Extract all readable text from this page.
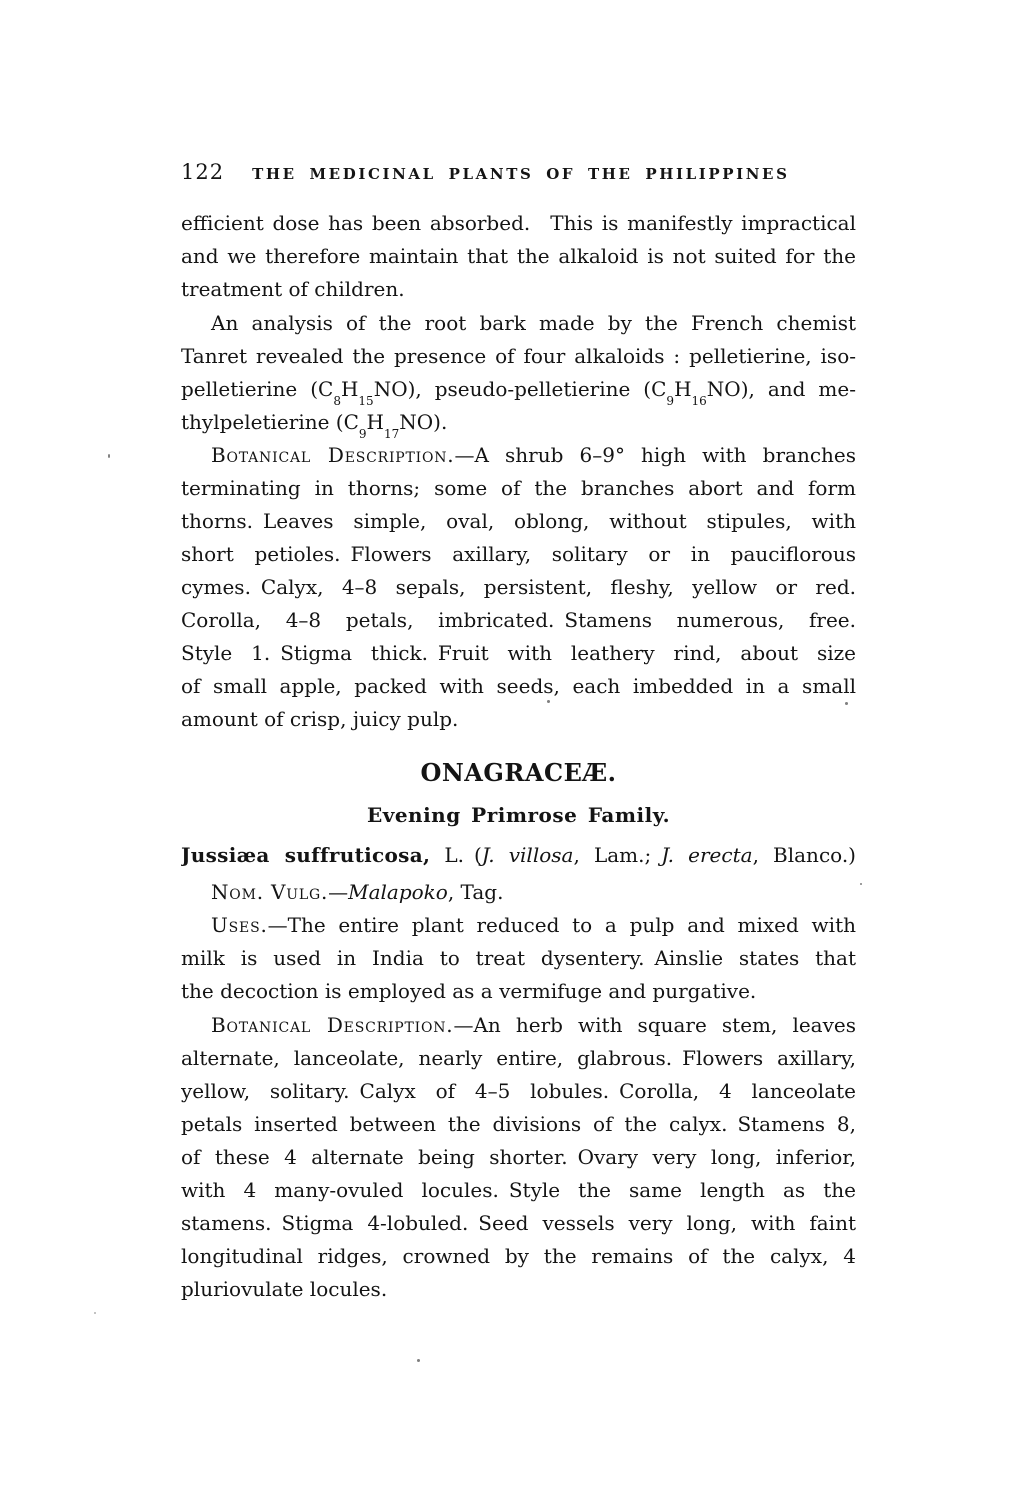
122 THE MEDICINAL PLANTS OF THE PHILIPPINES
efficient dose has been absorbed. This is manifestly impractical
and we therefore maintain that the alkaloid is not suited for the
treatment of children.
An analysis of the root bark made by the French chemist
Tanret revealed the presence of four alkaloids : pelletierine, iso-
pelletierine $(C_8H_{15}NO)$, pseudo-pelletierine $(C_9H_{16}NO)$, and me-
thylpeletierine $(C_9H_{17}NO)$.
Botanical Description.—A shrub 6–9° high with branches
terminating in thorns; some of the branches abort and form
thorns. Leaves simple, oval, oblong, without stipules, with
short petioles. Flowers axillary, solitary or in pauciflorous
cymes. Calyx, 4–8 sepals, persistent, fleshy, yellow or red.
Corolla, 4–8 petals, imbricated. Stamens numerous, free.
Style 1. Stigma thick. Fruit with leathery rind, about size
of small apple, packed with seeds, each imbedded in a small
amount of crisp, juicy pulp.
ONAGRACEÆ.
Evening Primrose Family.
Jussiæa suffruticosa, L. (J. villosa, Lam.; J. erecta, Blanco.)
Nom. Vulg.—Malapoko, Tag.
Uses.—The entire plant reduced to a pulp and mixed with
milk is used in India to treat dysentery. Ainslie states that
the decoction is employed as a vermifuge and purgative.
Botanical Description.—An herb with square stem, leaves
alternate, lanceolate, nearly entire, glabrous. Flowers axillary,
yellow, solitary. Calyx of 4–5 lobules. Corolla, 4 lanceolate
petals inserted between the divisions of the calyx. Stamens 8,
of these 4 alternate being shorter. Ovary very long, inferior,
with 4 many-ovuled locules. Style the same length as the
stamens. Stigma 4-lobuled. Seed vessels very long, with faint
longitudinal ridges, crowned by the remains of the calyx, 4
pluriovulate locules.
